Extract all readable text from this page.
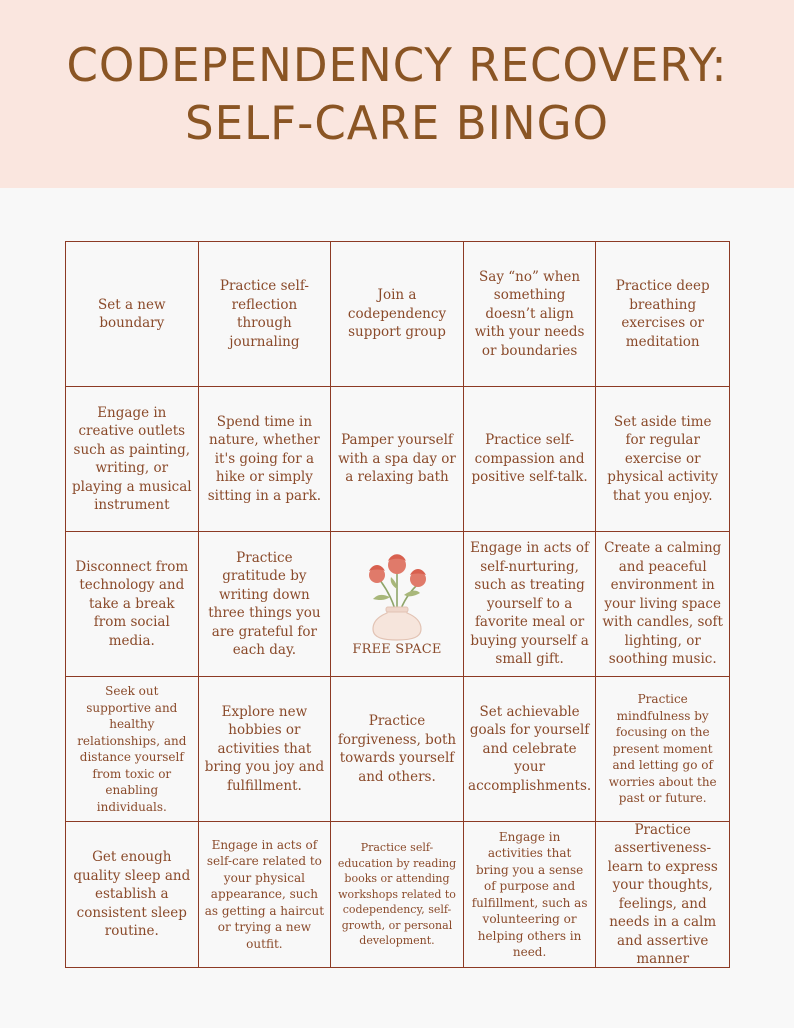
CODEPENDENCY RECOVERY:
SELF-CARE BINGO
Set a new boundary
Practice self-reflection through journaling
Join a codependency support group
Say “no” when something doesn’t align with your needs or boundaries
Practice deep breathing exercises or meditation
Engage in creative outlets such as painting, writing, or playing a musical instrument
Spend time in nature, whether it's going for a hike or simply sitting in a park.
Pamper yourself with a spa day or a relaxing bath
Practice self-compassion and positive self-talk.
Set aside time for regular exercise or physical activity that you enjoy.
Disconnect from technology and take a break from social media.
Practice gratitude by writing down three things you are grateful for each day.	FREE SPACE
Engage in acts of self-nurturing, such as treating yourself to a favorite meal or buying yourself a small gift.
Create a calming and peaceful environment in your living space with candles, soft lighting, or soothing music.
Seek out supportive and healthy relationships, and distance yourself from toxic or enabling individuals.
Explore new hobbies or activities that bring you joy and fulfillment.
Practice forgiveness, both towards yourself and others.
Set achievable goals for yourself and celebrate your accomplishments.
Practice mindfulness by focusing on the present moment and letting go of worries about the past or future.
Get enough quality sleep and establish a consistent sleep routine.
Engage in acts of self-care related to your physical appearance, such as getting a haircut or trying a new outfit.
Practice self-education by reading books or attending workshops related to codependency, self-growth, or personal development.
Engage in activities that bring you a sense of purpose and fulfillment, such as volunteering or helping others in need.
Practice assertiveness- learn to express your thoughts, feelings, and needs in a calm and assertive manner
